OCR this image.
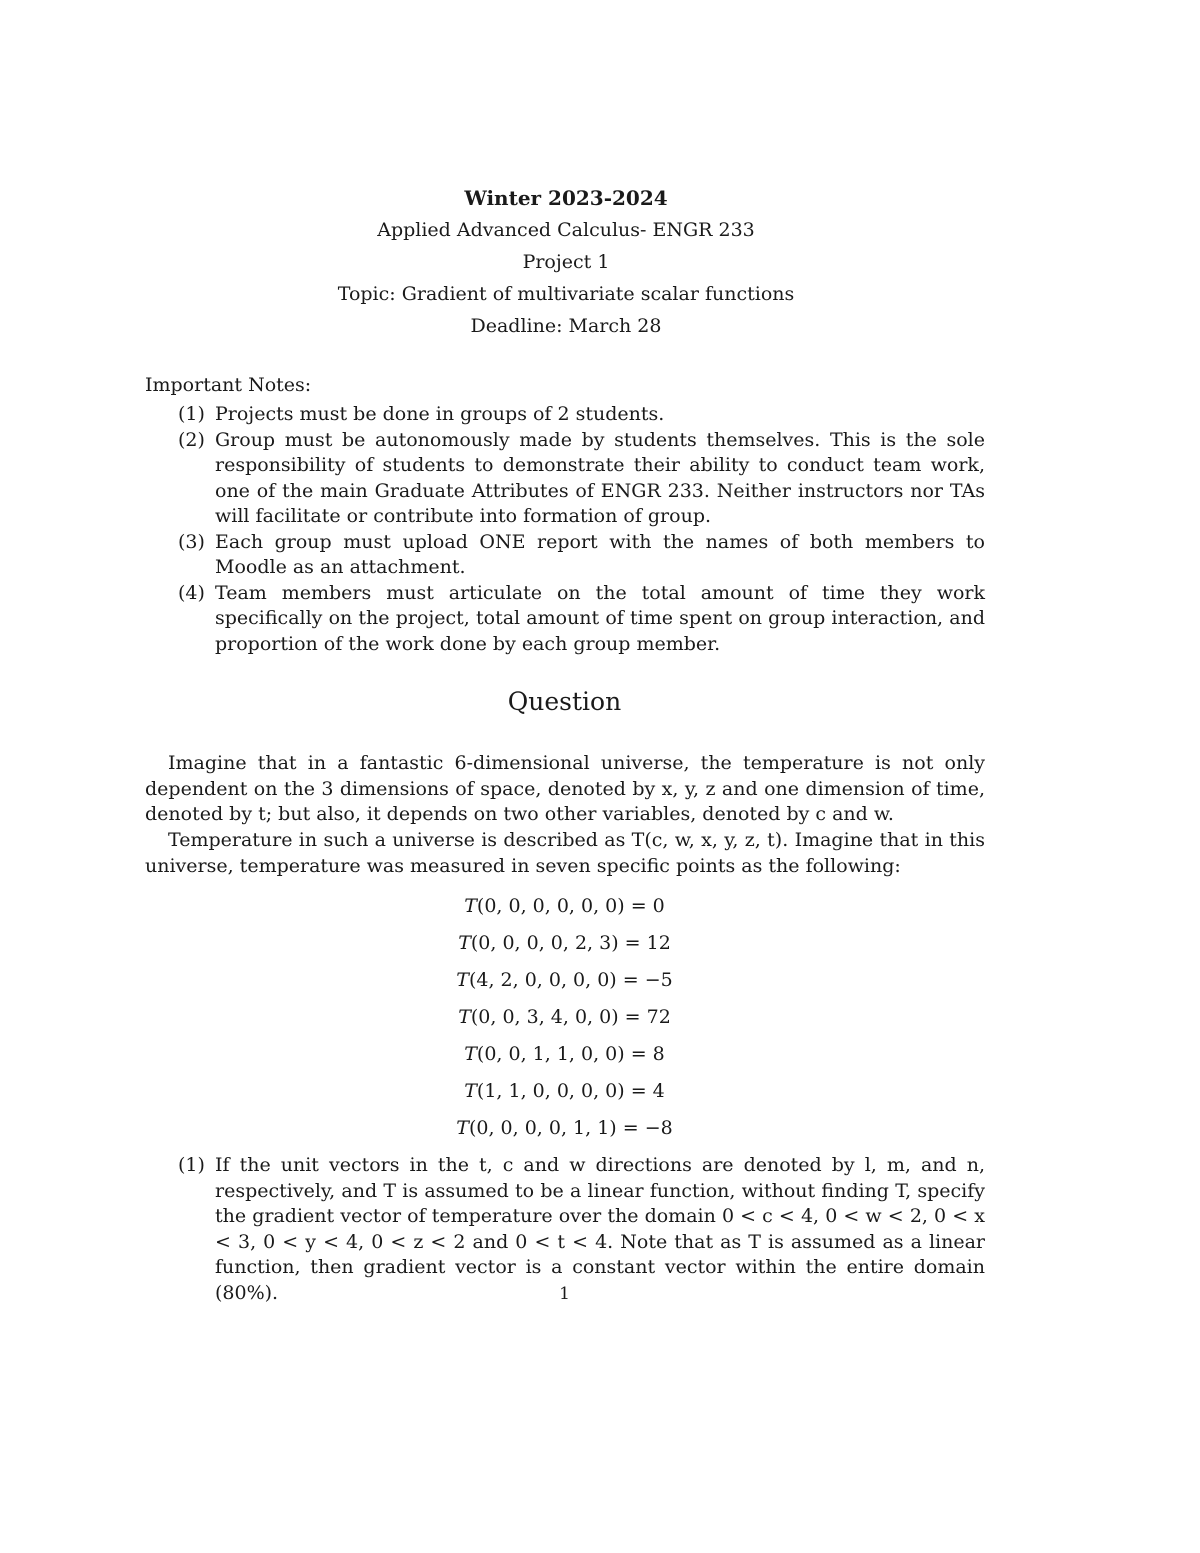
Winter 2023-2024
Applied Advanced Calculus- ENGR 233
Project 1
Topic: Gradient of multivariate scalar functions
Deadline: March 28
Important Notes:
(1) Projects must be done in groups of 2 students.
(2) Group must be autonomously made by students themselves. This is the sole responsibility of students to demonstrate their ability to conduct team work, one of the main Graduate Attributes of ENGR 233. Neither instructors nor TAs will facilitate or contribute into formation of group.
(3) Each group must upload ONE report with the names of both members to Moodle as an attachment.
(4) Team members must articulate on the total amount of time they work specifically on the project, total amount of time spent on group interaction, and proportion of the work done by each group member.
Question

Imagine that in a fantastic 6-dimensional universe, the temperature is not only dependent on the 3 dimensions of space, denoted by x, y, z and one dimension of time, denoted by t; but also, it depends on two other variables, denoted by c and w.

Temperature in such a universe is described as T(c, w, x, y, z, t). Imagine that in this universe, temperature was measured in seven specific points as the following:

T(0, 0, 0, 0, 0, 0) = 0
T(0, 0, 0, 0, 2, 3) = 12
T(4, 2, 0, 0, 0, 0) = −5
T(0, 0, 3, 4, 0, 0) = 72
T(0, 0, 1, 1, 0, 0) = 8
T(1, 1, 0, 0, 0, 0) = 4
T(0, 0, 0, 0, 1, 1) = −8
(1) If the unit vectors in the t, c and w directions are denoted by l, m, and n, respectively, and T is assumed to be a linear function, without finding T, specify the gradient vector of temperature over the domain 0 < c < 4, 0 < w < 2, 0 < x < 3, 0 < y < 4, 0 < z < 2 and 0 < t < 4. Note that as T is assumed as a linear function, then gradient vector is a constant vector within the entire domain (80%).	1
